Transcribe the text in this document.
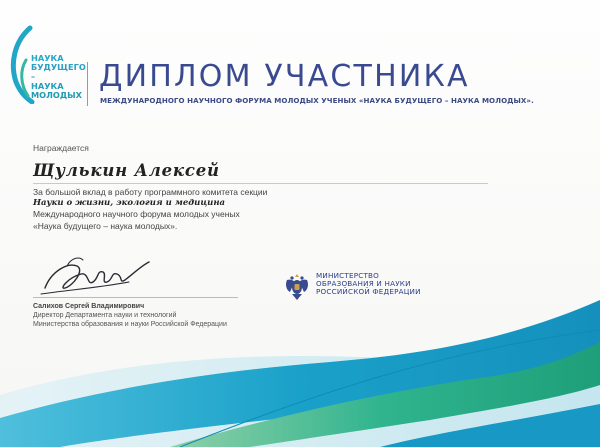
НАУКА
БУДУЩЕГО –
НАУКА
МОЛОДЫХ
ДИПЛОМ УЧАСТНИКА
МЕЖДУНАРОДНОГО НАУЧНОГО ФОРУМА МОЛОДЫХ УЧЕНЫХ «НАУКА БУДУЩЕГО – НАУКА МОЛОДЫХ».
Награждается
Щулькин Алексей
За большой вклад в работу программного комитета секции
Науки о жизни, экология и медицина
Международного научного форума молодых ученых
«Наука будущего – наука молодых».
Салихов Сергей Владимирович
Директор Департамента науки и технологий
Министерства образования и науки Российской Федерации
МИНИСТЕРСТВО
ОБРАЗОВАНИЯ И НАУКИ
РОССИЙСКОЙ ФЕДЕРАЦИИ
